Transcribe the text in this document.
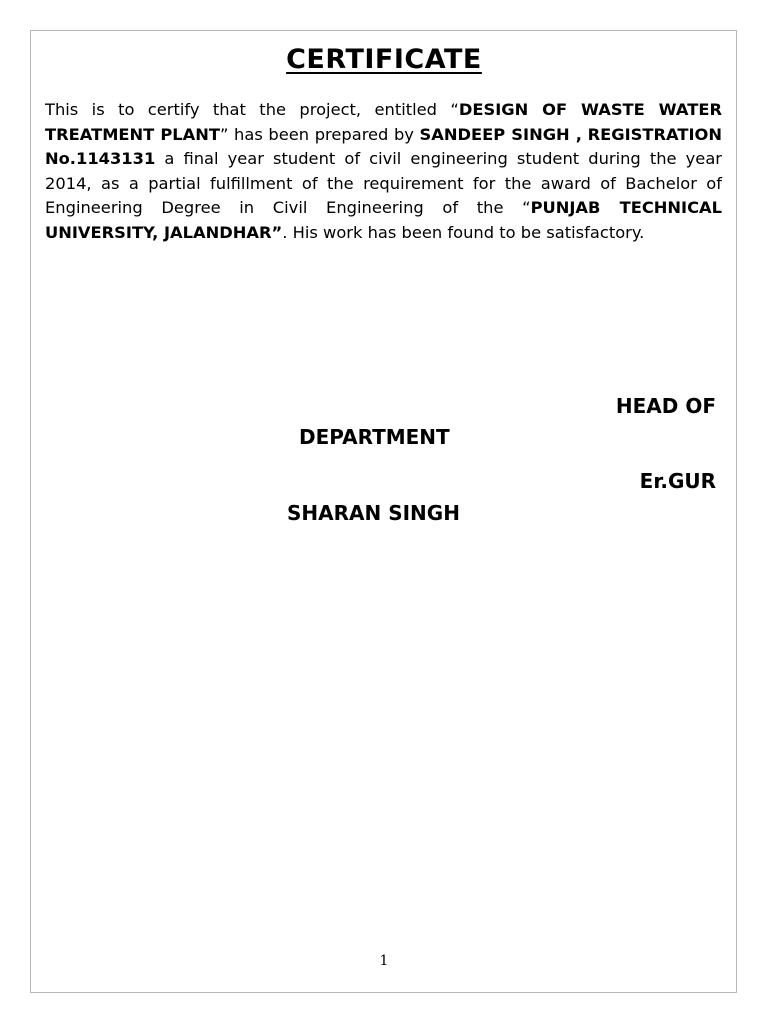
CERTIFICATE

This is to certify that the project, entitled “DESIGN OF WASTE WATER TREATMENT PLANT” has been prepared by SANDEEP SINGH , REGISTRATION No.1143131 a final year student of civil engineering student during the year 2014, as a partial fulfillment of the requirement for the award of Bachelor of Engineering Degree in Civil Engineering of the “PUNJAB TECHNICAL UNIVERSITY, JALANDHAR”. His work has been found to be satisfactory.

HEAD OF
DEPARTMENT
Er.GUR
SHARAN SINGH
1
